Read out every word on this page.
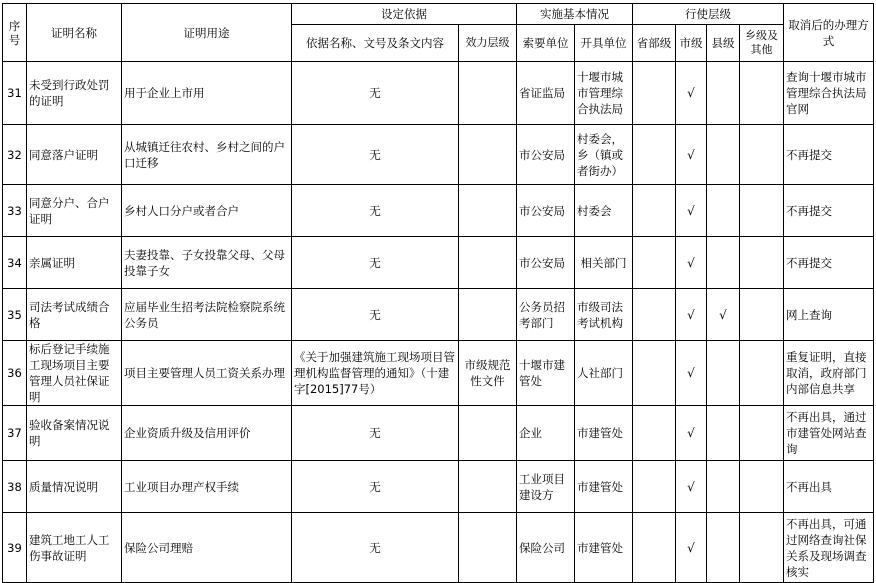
序号	证明名称	证明用途	设定依据		实施基本情况		行使层级				取消后的办理方式
			依据名称、文号及条文内容	效力层级	索要单位	开具单位	省部级	市级	县级	乡级及其他	
31	未受到行政处罚的证明	用于企业上市用	无		省证监局	十堰市城市管理综合执法局		√			查询十堰市城市管理综合执法局官网
32	同意落户证明	从城镇迁往农村、乡村之间的户口迁移	无		市公安局	村委会，乡（镇或者街办）		√			不再提交
33	同意分户、合户证明	乡村人口分户或者合户	无		市公安局	村委会		√			不再提交
34	亲属证明	夫妻投靠、子女投靠父母、父母投靠子女	无		市公安局	相关部门		√			不再提交
35	司法考试成绩合格	应届毕业生招考法院检察院系统公务员	无		公务员招考部门	市级司法考试机构		√	√		网上查询
36	标后登记手续施工现场项目主要管理人员社保证明	项目主要管理人员工资关系办理	《关于加强建筑施工现场项目管理机构监督管理的通知》（十建字[2015]77号）	市级规范性文件	十堰市建管处	人社部门		√			重复证明，直接取消，政府部门内部信息共享
37	验收备案情况说明	企业资质升级及信用评价	无		企业	市建管处		√			不再出具，通过市建管处网站查询
38	质量情况说明	工业项目办理产权手续	无		工业项目建设方	市建管处		√			不再出具
39	建筑工地工人工伤事故证明	保险公司理赔	无		保险公司	市建管处		√			不再出具，可通过网络查询社保关系及现场调查核实
